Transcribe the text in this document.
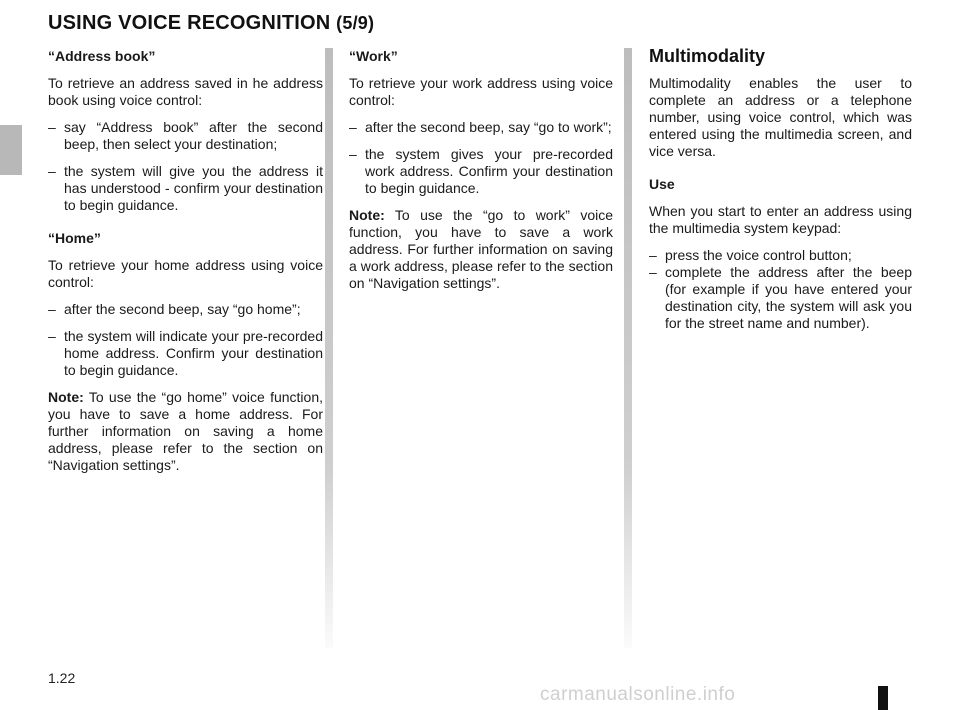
USING VOICE RECOGNITION (5/9)
“Address book”

To retrieve an address saved in he address book using voice control:

– say “Address book” after the second beep, then select your destination;
– the system will give you the address it has understood - confirm your destination to begin guidance.
“Home”

To retrieve your home address using voice control:

– after the second beep, say “go home”;
– the system will indicate your pre-recorded home address. Confirm your destination to begin guidance.

Note: To use the “go home” voice function, you have to save a home address. For further information on saving a home address, please refer to the section on “Navigation settings”.

“Work”

To retrieve your work address using voice control:

– after the second beep, say “go to work”;
– the system gives your pre-recorded work address. Confirm your destination to begin guidance.

Note: To use the “go to work” voice function, you have to save a work address. For further information on saving a work address, please refer to the section on “Navigation settings”.

Multimodality

Multimodality enables the user to complete an address or a telephone number, using voice control, which was entered using the multimedia screen, and vice versa.

Use

When you start to enter an address using the multimedia system keypad:

– press the voice control button;
– complete the address after the beep (for example if you have entered your destination city, the system will ask you for the street name and number).
1.22
carmanualsonline.info
